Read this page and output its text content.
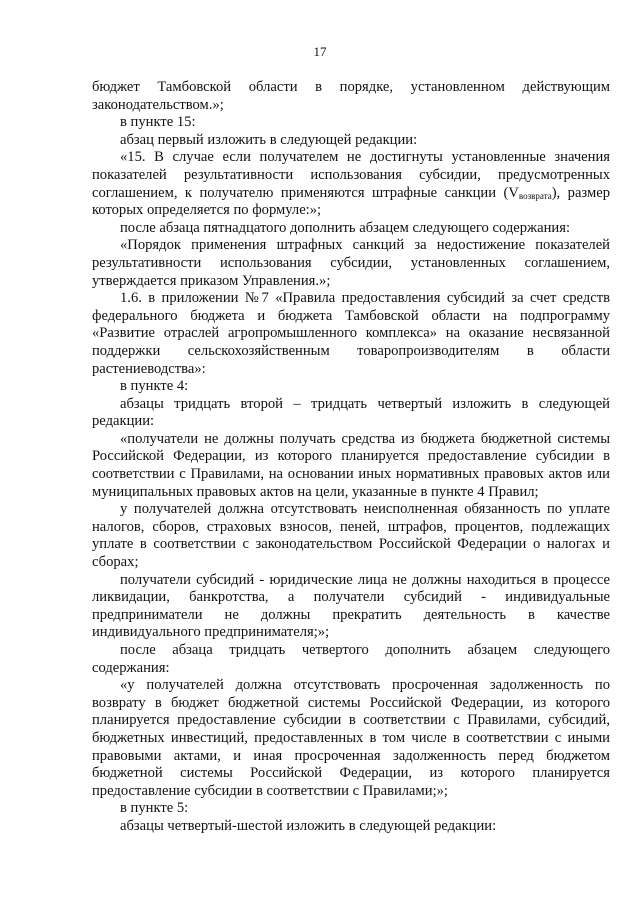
17

бюджет Тамбовской области в порядке, установленном действующим законодательством.»;

в пункте 15:

абзац первый изложить в следующей редакции:

«15. В случае если получателем не достигнуты установленные значения показателей результативности использования субсидии, предусмотренных соглашением, к получателю применяются штрафные санкции $(V_{возврата})$, размер которых определяется по формуле:»;

после абзаца пятнадцатого дополнить абзацем следующего содержания:

«Порядок применения штрафных санкций за недостижение показателей результативности использования субсидии, установленных соглашением, утверждается приказом Управления.»;

1.6. в приложении №7 «Правила предоставления субсидий за счет средств федерального бюджета и бюджета Тамбовской области на подпрограмму «Развитие отраслей агропромышленного комплекса» на оказание несвязанной поддержки сельскохозяйственным товаропроизводителям в области растениеводства»:

в пункте 4:

абзацы тридцать второй – тридцать четвертый изложить в следующей редакции:

«получатели не должны получать средства из бюджета бюджетной системы Российской Федерации, из которого планируется предоставление субсидии в соответствии с Правилами, на основании иных нормативных правовых актов или муниципальных правовых актов на цели, указанные в пункте 4 Правил;

у получателей должна отсутствовать неисполненная обязанность по уплате налогов, сборов, страховых взносов, пеней, штрафов, процентов, подлежащих уплате в соответствии с законодательством Российской Федерации о налогах и сборах;

получатели субсидий - юридические лица не должны находиться в процессе ликвидации, банкротства, а получатели субсидий - индивидуальные предприниматели не должны прекратить деятельность в качестве индивидуального предпринимателя;»;

после абзаца тридцать четвертого дополнить абзацем следующего содержания:

«у получателей должна отсутствовать просроченная задолженность по возврату в бюджет бюджетной системы Российской Федерации, из которого планируется предоставление субсидии в соответствии с Правилами, субсидий, бюджетных инвестиций, предоставленных в том числе в соответствии с иными правовыми актами, и иная просроченная задолженность перед бюджетом бюджетной системы Российской Федерации, из которого планируется предоставление субсидии в соответствии с Правилами;»;

в пункте 5:

абзацы четвертый-шестой изложить в следующей редакции:
